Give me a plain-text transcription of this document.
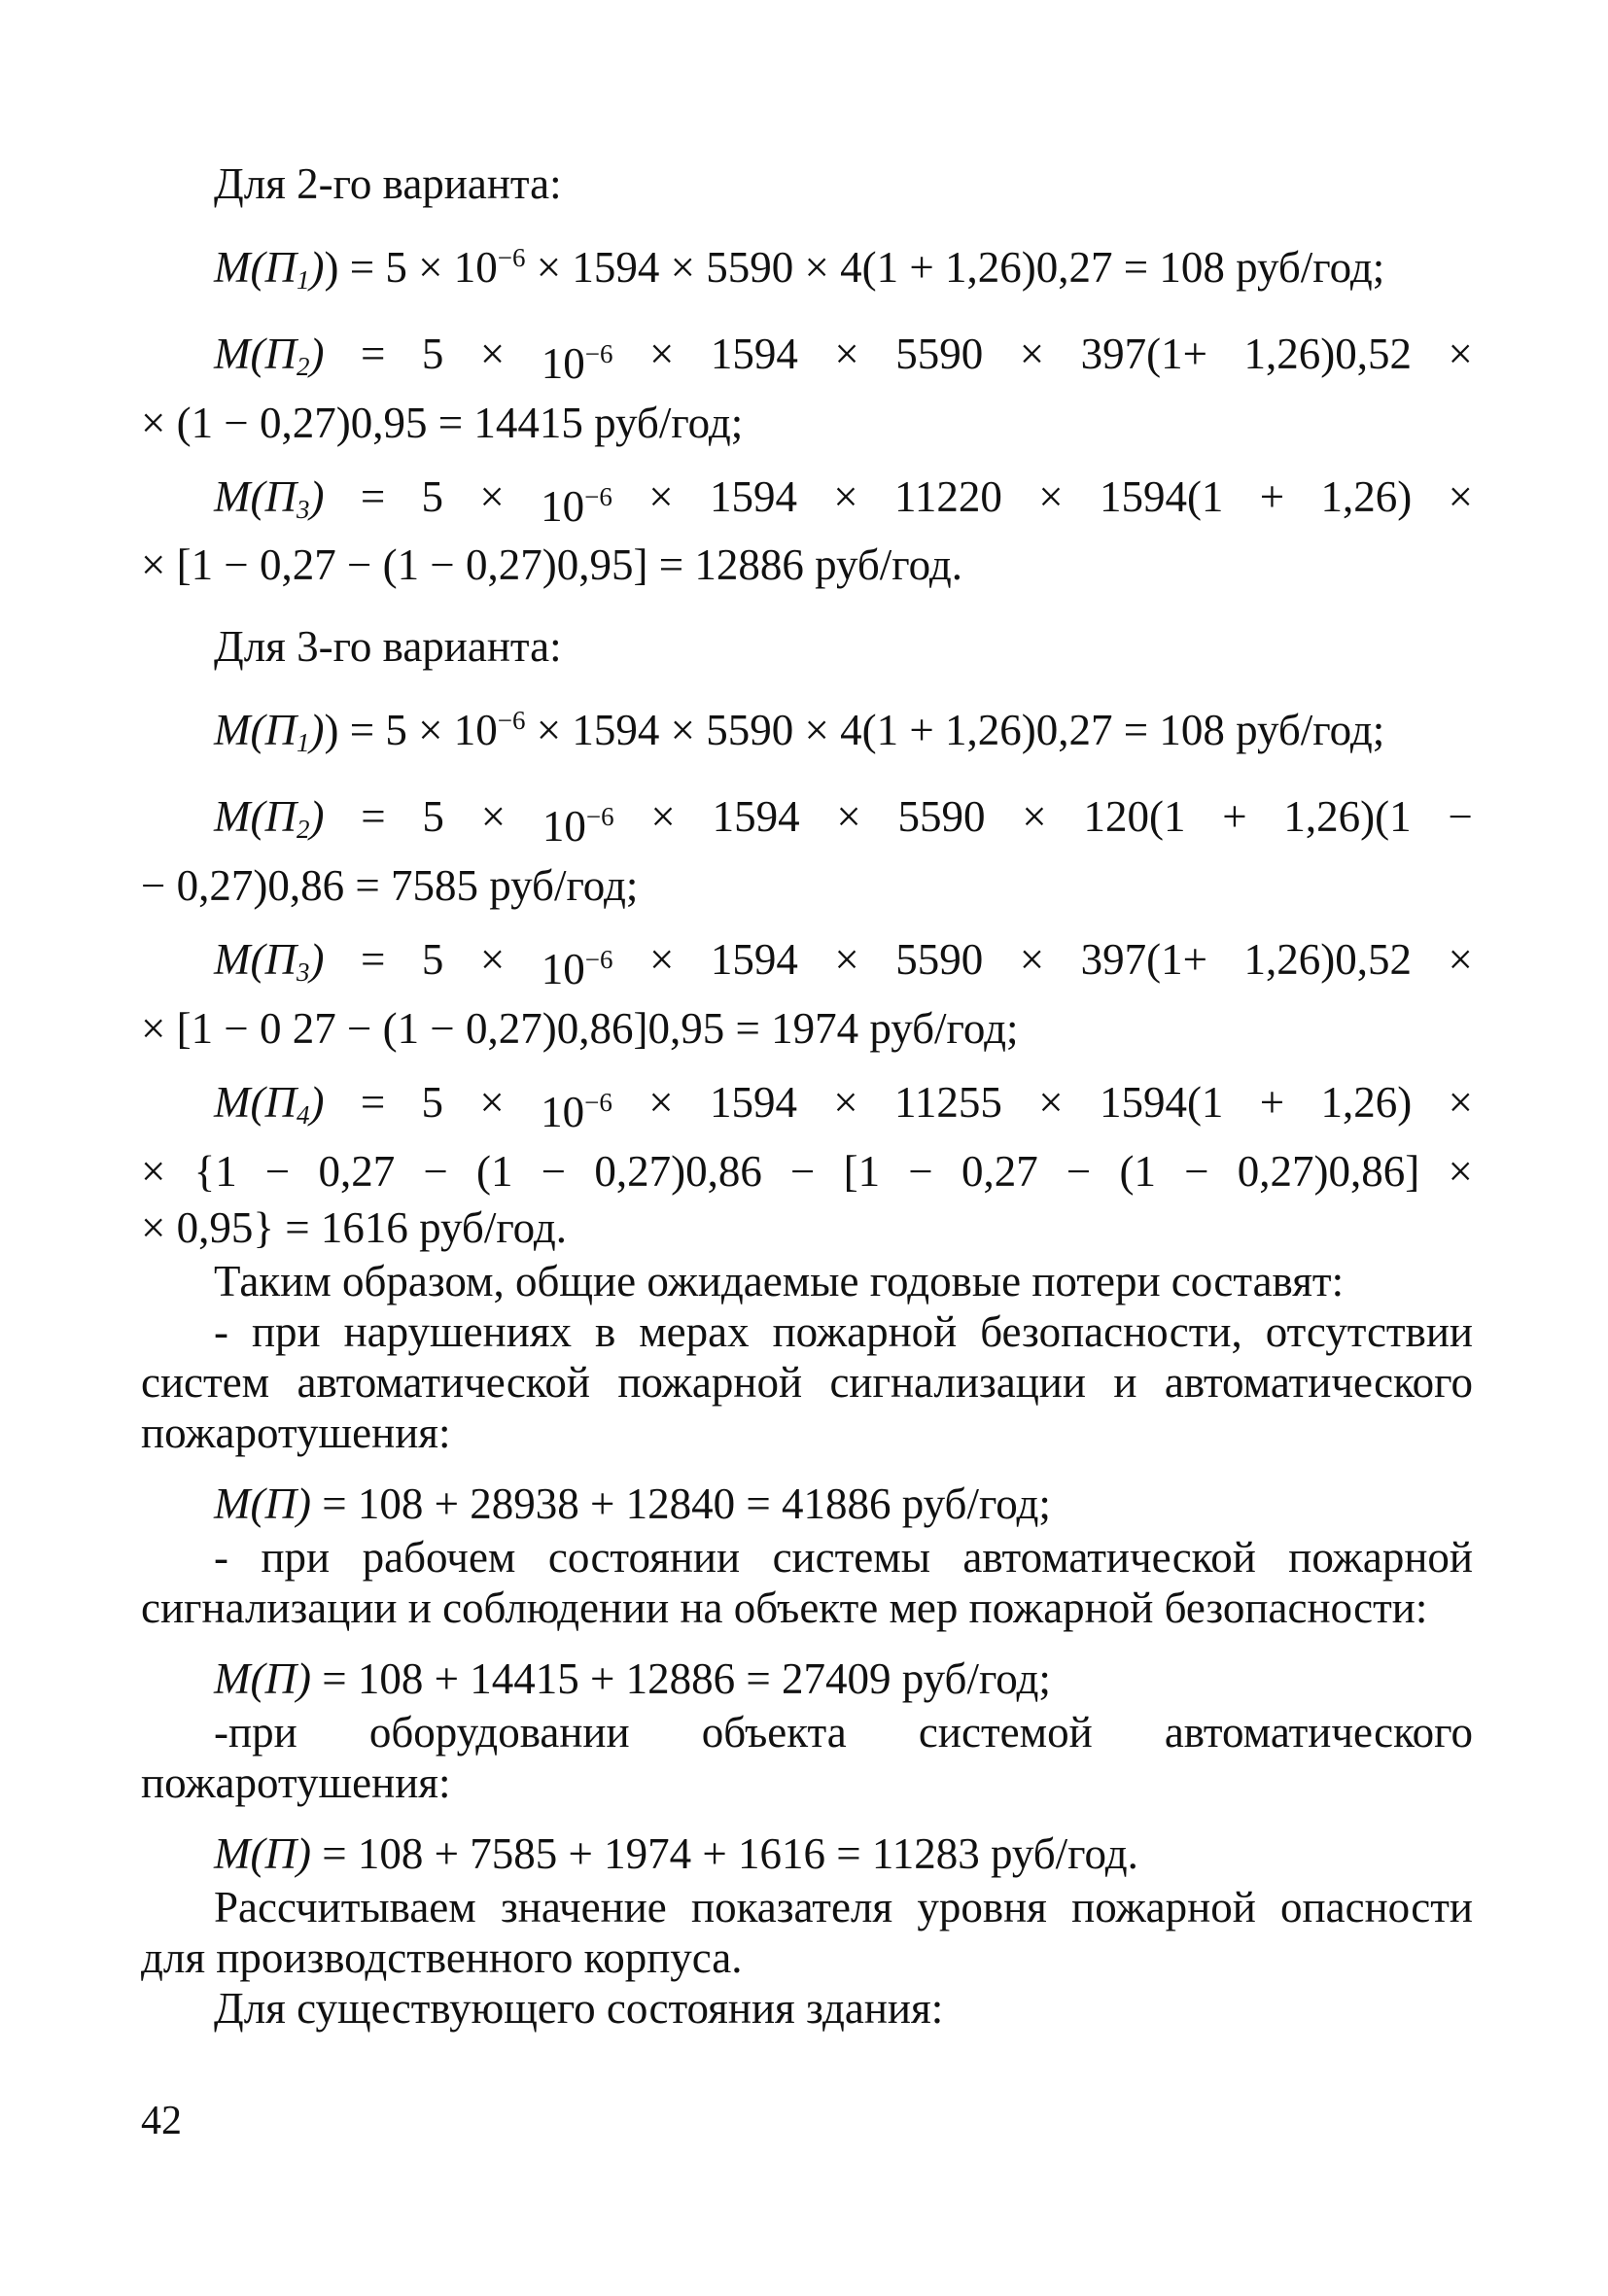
Для 2-го варианта:

$М(П_1)) = 5 \times 10^{-6} \times 1594 \times 5590 \times 4(1 + 1,26)0,27 = 108$ руб/год;

$М(П_2) = 5 \times 10^{-6} \times 1594 \times 5590 \times 397(1+ 1,26)0,52$ ×

× (1 − 0,27)0,95 = 14415 руб/год;

$М(П_3) = 5 \times 10^{-6} \times 1594 \times 11220 \times 1594(1 + 1,26)$ ×

× [1 − 0,27 − (1 − 0,27)0,95] = 12886 руб/год.

Для 3-го варианта:

$М(П_1)) = 5 \times 10^{-6} \times 1594 \times 5590 \times 4(1 + 1,26)0,27 = 108$ руб/год;

$М(П_2) = 5 \times 10^{-6} \times 1594 \times 5590 \times 120(1 + 1,26)(1$ −

− 0,27)0,86 = 7585 руб/год;

$М(П_3) = 5 \times 10^{-6} \times 1594 \times 5590 \times 397(1+ 1,26)0,52$ ×

× [1 − 0 27 − (1 − 0,27)0,86]0,95 = 1974 руб/год;

$М(П_4) = 5 \times 10^{-6} \times 1594 \times 11255 \times 1594(1 + 1,26)$ ×

× {1 − 0,27 − (1 − 0,27)0,86 − [1 − 0,27 − (1 − 0,27)0,86] ×

× 0,95} = 1616 руб/год.

Таким образом, общие ожидаемые годовые потери составят:

- при нарушениях в мерах пожарной безопасности, отсутствии систем автоматической пожарной сигнализации и автоматического пожаротушения:

М(П) = 108 + 28938 + 12840 = 41886 руб/год;

- при рабочем состоянии системы автоматической пожарной сигнализации и соблюдении на объекте мер пожарной безопасности:

М(П) = 108 + 14415 + 12886 = 27409 руб/год;

-при оборудовании объекта системой автоматического пожаротушения:

М(П) = 108 + 7585 + 1974 + 1616 = 11283 руб/год.

Рассчитываем значение показателя уровня пожарной опасности для производственного корпуса.

Для существующего состояния здания:

42
